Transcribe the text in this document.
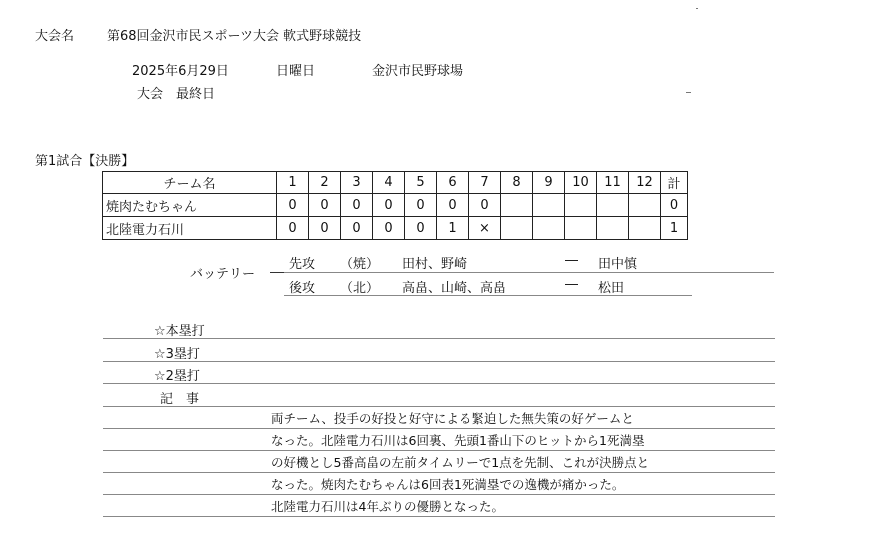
大会名	第68回金沢市民スポーツ大会 軟式野球競技
2025年6月29日	日曜日	金沢市民野球場
大会　最終日
第1試合【決勝】
チーム名	1	2	3	4	5	6	7	8	9	10	11	12	計
焼肉たむちゃん	0	0	0	0	0	0	0						0
北陸電力石川	0	0	0	0	0	1	×						1
バッテリー
先攻 （焼） 田村、野崎	― 田中慎
後攻 （北） 高畠、山崎、高畠	― 松田
☆本塁打
☆3塁打
☆2塁打
記　事
両チーム、投手の好投と好守による緊迫した無失策の好ゲームと
なった。北陸電力石川は6回裏、先頭1番山下のヒットから1死満塁
の好機とし5番高畠の左前タイムリーで1点を先制、これが決勝点と
なった。焼肉たむちゃんは6回表1死満塁での逸機が痛かった。
北陸電力石川は4年ぶりの優勝となった。
